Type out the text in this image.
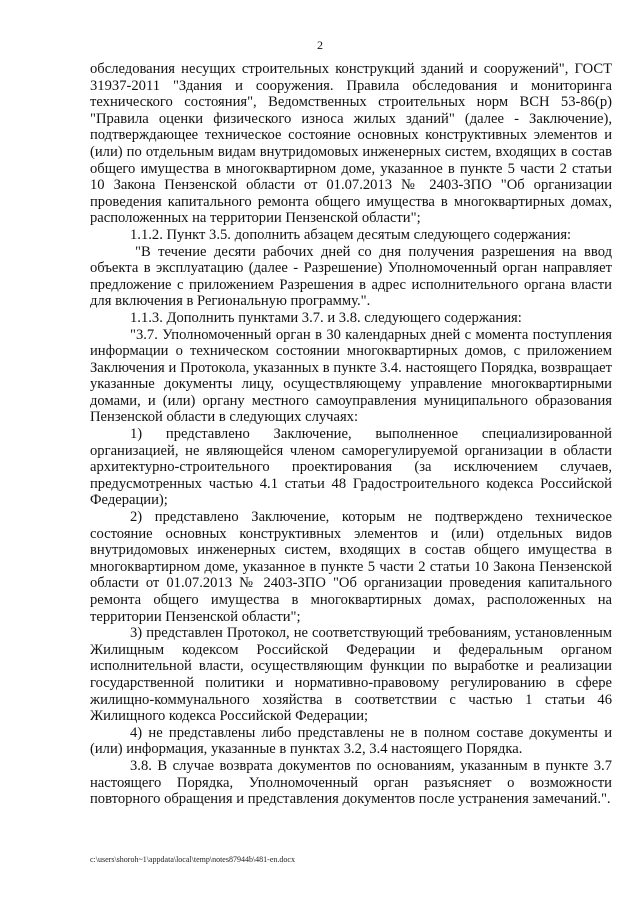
2

обследования несущих строительных конструкций зданий и сооружений", ГОСТ 31937-2011 "Здания и сооружения. Правила обследования и мониторинга технического состояния", Ведомственных строительных норм ВСН 53-86(р) "Правила оценки физического износа жилых зданий" (далее - Заключение), подтверждающее техническое состояние основных конструктивных элементов и (или) по отдельным видам внутридомовых инженерных систем, входящих в состав общего имущества в многоквартирном доме, указанное в пункте 5 части 2 статьи 10 Закона Пензенской области от 01.07.2013 № 2403-ЗПО "Об организации проведения капитального ремонта общего имущества в многоквартирных домах, расположенных на территории Пензенской области";

1.1.2. Пункт 3.5. дополнить абзацем десятым следующего содержания:

"В течение десяти рабочих дней со дня получения разрешения на ввод объекта в эксплуатацию (далее - Разрешение) Уполномоченный орган направляет предложение с приложением Разрешения в адрес исполнительного органа власти для включения в Региональную программу.".

1.1.3. Дополнить пунктами 3.7. и 3.8. следующего содержания:

"3.7. Уполномоченный орган в 30 календарных дней с момента поступления информации о техническом состоянии многоквартирных домов, с приложением Заключения и Протокола, указанных в пункте 3.4. настоящего Порядка, возвращает указанные документы лицу, осуществляющему управление многоквартирными домами, и (или) органу местного самоуправления муниципального образования Пензенской области в следующих случаях:

1) представлено Заключение, выполненное специализированной организацией, не являющейся членом саморегулируемой организации в области архитектурно-строительного проектирования (за исключением случаев, предусмотренных частью 4.1 статьи 48 Градостроительного кодекса Российской Федерации);

2) представлено Заключение, которым не подтверждено техническое состояние основных конструктивных элементов и (или) отдельных видов внутридомовых инженерных систем, входящих в состав общего имущества в многоквартирном доме, указанное в пункте 5 части 2 статьи 10 Закона Пензенской области от 01.07.2013 № 2403-ЗПО "Об организации проведения капитального ремонта общего имущества в многоквартирных домах, расположенных на территории Пензенской области";

3) представлен Протокол, не соответствующий требованиям, установленным Жилищным кодексом Российской Федерации и федеральным органом исполнительной власти, осуществляющим функции по выработке и реализации государственной политики и нормативно-правовому регулированию в сфере жилищно-коммунального хозяйства в соответствии с частью 1 статьи 46 Жилищного кодекса Российской Федерации;

4) не представлены либо представлены не в полном составе документы и (или) информация, указанные в пунктах 3.2, 3.4 настоящего Порядка.

3.8. В случае возврата документов по основаниям, указанным в пункте 3.7 настоящего Порядка, Уполномоченный орган разъясняет о возможности повторного обращения и представления документов после устранения замечаний.".

c:\users\shoroh~1\appdata\local\temp\notes87944b\481-en.docx
